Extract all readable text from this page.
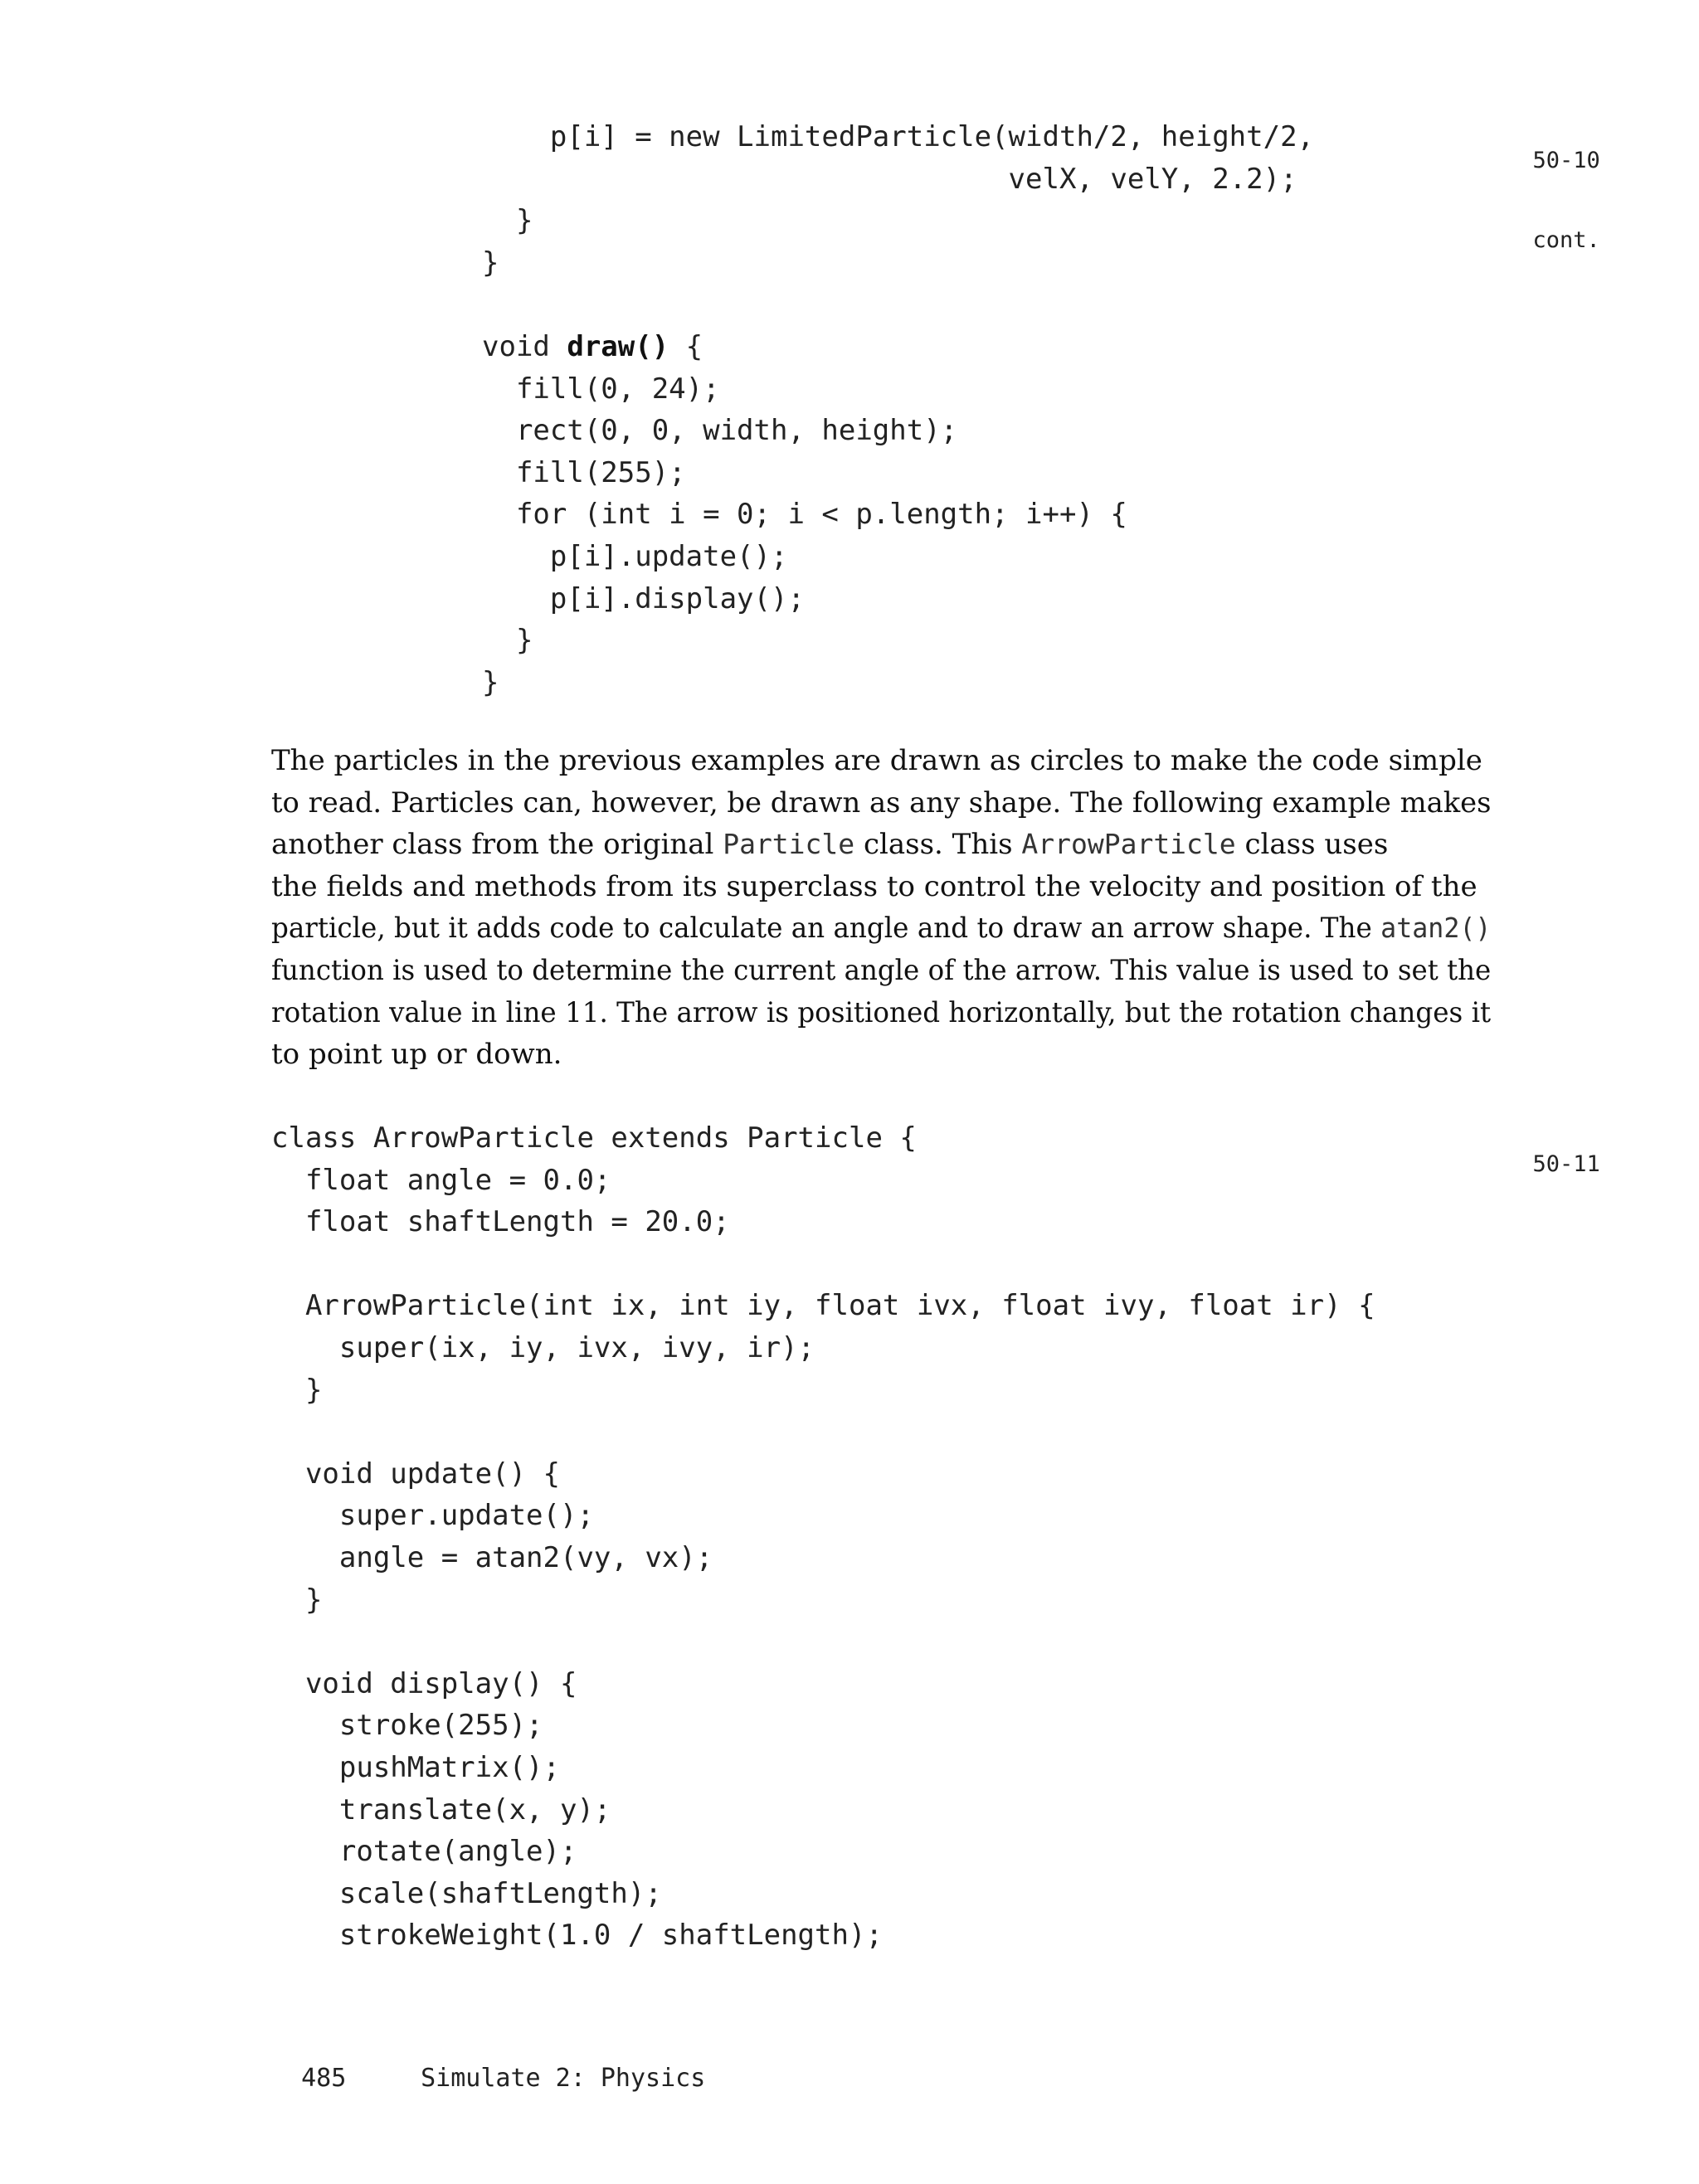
p[i] = new LimitedParticle(width/2, height/2,
velX, velY, 2.2);
}
}
void draw() {
fill(0, 24);
rect(0, 0, width, height);
fill(255);
for (int i = 0; i < p.length; i++) {
p[i].update();
p[i].display();
}
}

50-10

cont.

The particles in the previous examples are drawn as circles to make the code simple
to read. Particles can, however, be drawn as any shape. The following example makes
another class from the original Particle class. This ArrowParticle class uses
the fields and methods from its superclass to control the velocity and position of the
particle, but it adds code to calculate an angle and to draw an arrow shape. The atan2()
function is used to determine the current angle of the arrow. This value is used to set the
rotation value in line 11. The arrow is positioned horizontally, but the rotation changes it
to point up or down.
class ArrowParticle extends Particle {
float angle = 0.0;
float shaftLength = 20.0;
ArrowParticle(int ix, int iy, float ivx, float ivy, float ir) {
super(ix, iy, ivx, ivy, ir);
}
void update() {
super.update();
angle = atan2(vy, vx);
}
void display() {
stroke(255);
pushMatrix();
translate(x, y);
rotate(angle);
scale(shaftLength);
strokeWeight(1.0 / shaftLength);

50-11

485	Simulate 2: Physics
